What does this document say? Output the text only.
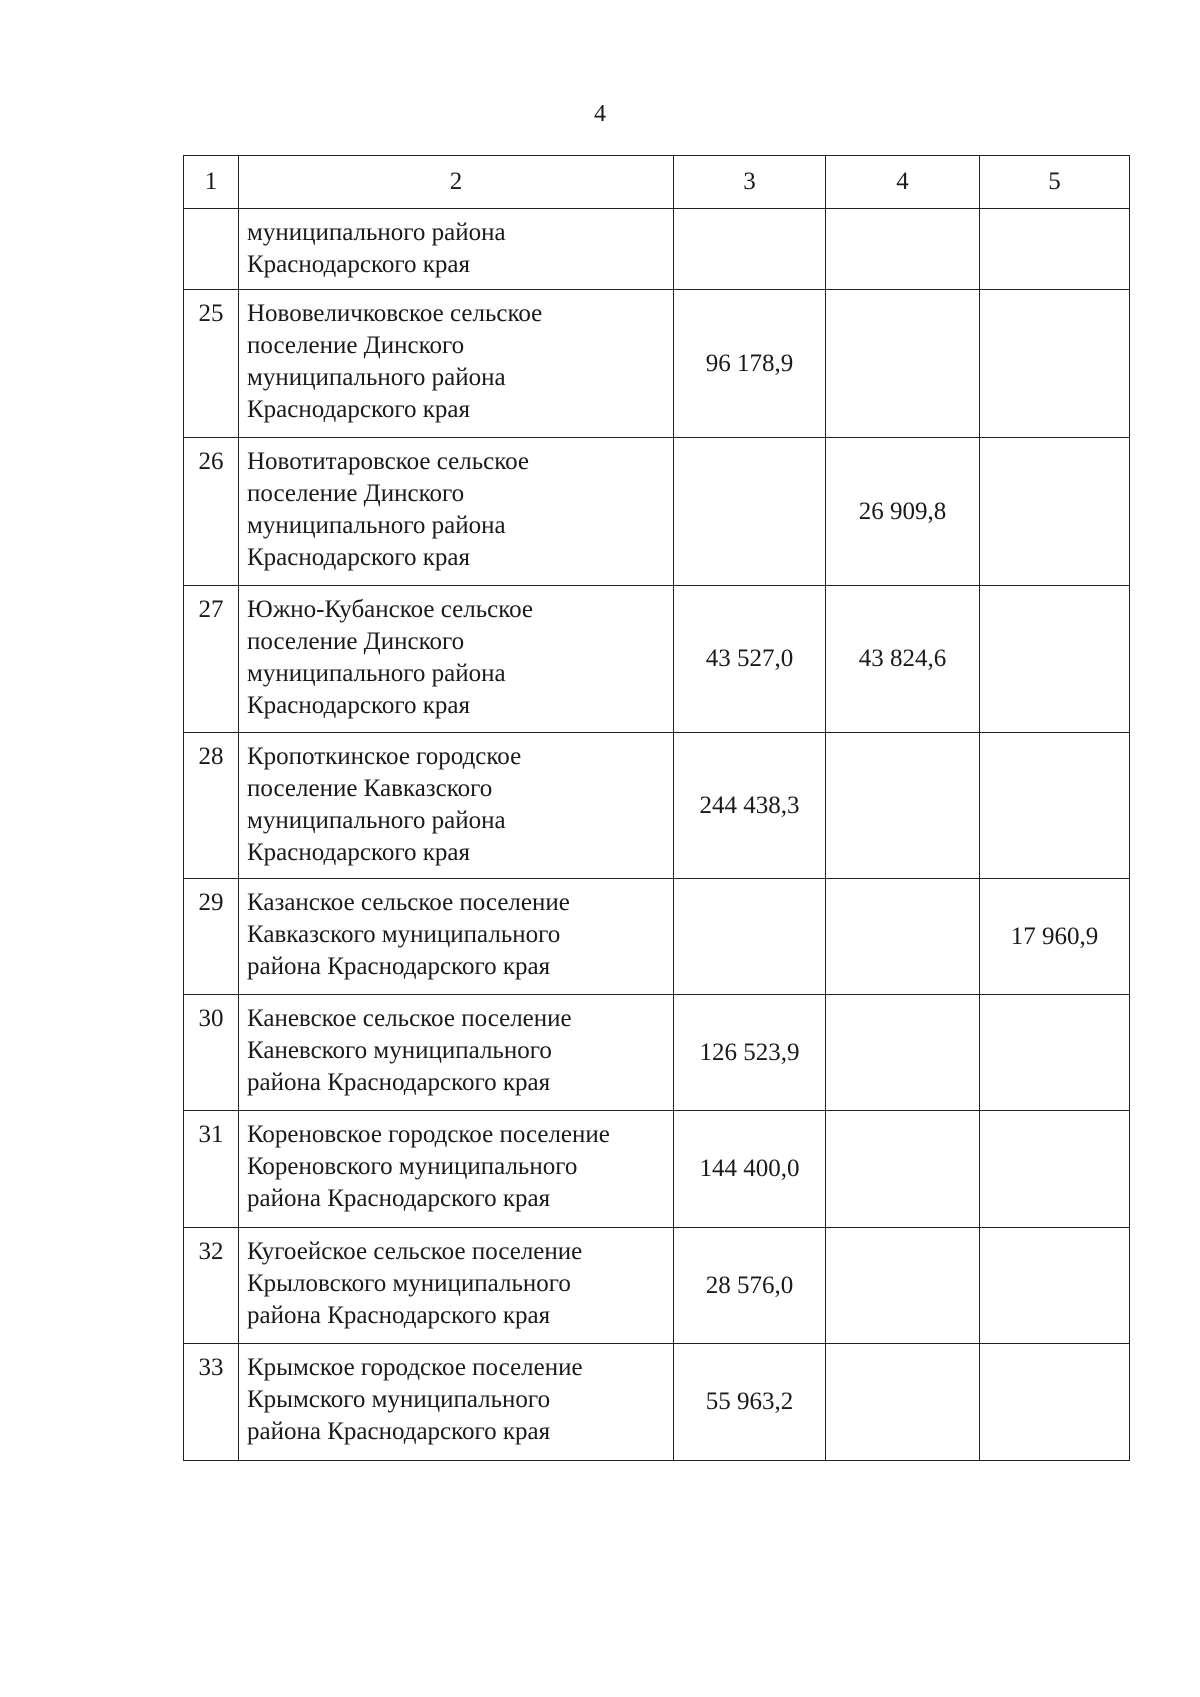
4
1	2	3	4	5

	муниципального района
Краснодарского края			

25	Нововеличковское сельское
поселение Динского
муниципального района
Краснодарского края	96 178,9		
26	Новотитаровское сельское
поселение Динского
муниципального района
Краснодарского края		26 909,8	
27	Южно-Кубанское сельское
поселение Динского
муниципального района
Краснодарского края	43 527,0	43 824,6	
28	Кропоткинское городское
поселение Кавказского
муниципального района
Краснодарского края	244 438,3		
29	Казанское сельское поселение
Кавказского муниципального
района Краснодарского края			17 960,9
30	Каневское сельское поселение
Каневского муниципального
района Краснодарского края	126 523,9		
31	Кореновское городское поселение
Кореновского муниципального
района Краснодарского края	144 400,0		
32	Кугоейское сельское поселение
Крыловского муниципального
района Краснодарского края	28 576,0		
33	Крымское городское поселение
Крымского муниципального
района Краснодарского края	55 963,2		
